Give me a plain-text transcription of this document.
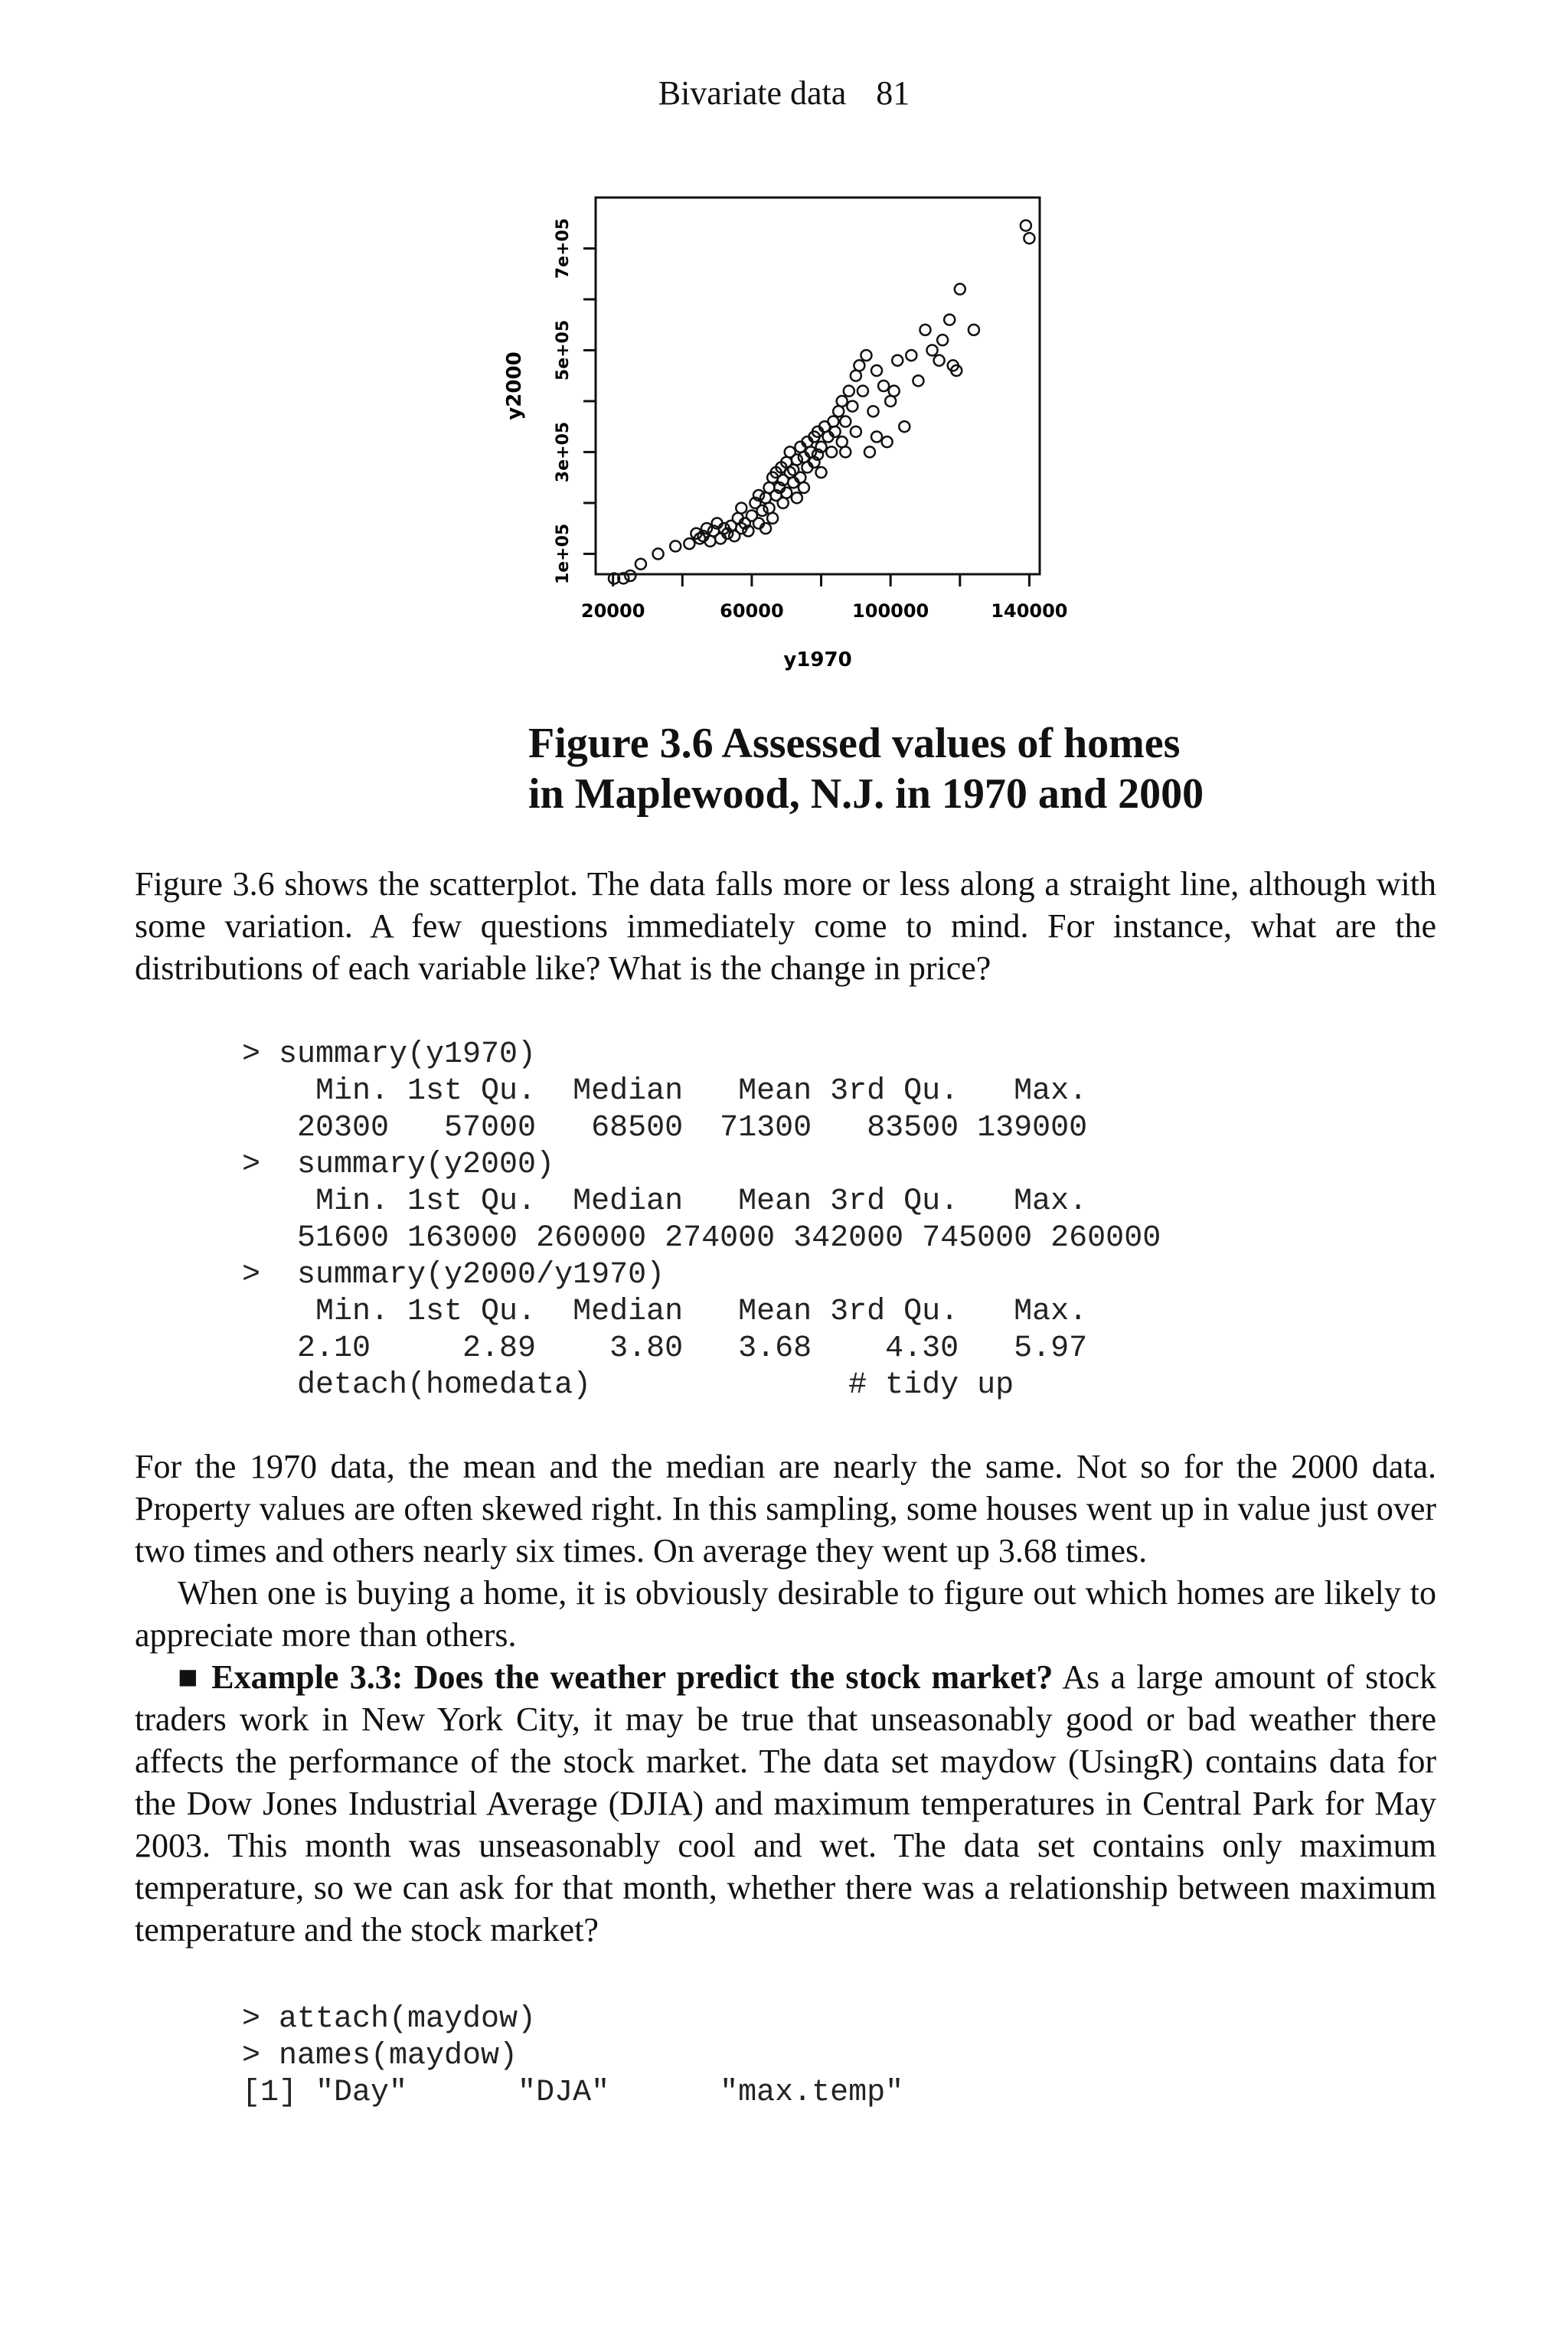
Bivariate data 81
20000	60000	100000	140000
1e+05
3e+05
5e+05
7e+05
y1970
y2000
Figure 3.6 Assessed values of homes
in Maplewood, N.J. in 1970 and 2000

Figure 3.6 shows the scatterplot. The data falls more or less along a straight line, although with some variation. A few questions immediately come to mind. For instance, what are the distributions of each variable like? What is the change in price?

> summary(y1970)
Min. 1st Qu.  Median   Mean 3rd Qu.   Max.
20300   57000   68500  71300   83500 139000
>  summary(y2000)
Min. 1st Qu.  Median   Mean 3rd Qu.   Max.
51600 163000 260000 274000 342000 745000 260000
>  summary(y2000/y1970)
Min. 1st Qu.  Median   Mean 3rd Qu.   Max.
2.10     2.89    3.80   3.68    4.30   5.97
detach(homedata)              # tidy up

For the 1970 data, the mean and the median are nearly the same. Not so for the 2000 data. Property values are often skewed right. In this sampling, some houses went up in value just over two times and others nearly six times. On average they went up 3.68 times.

When one is buying a home, it is obviously desirable to figure out which homes are likely to appreciate more than others.

■ Example 3.3: Does the weather predict the stock market? As a large amount of stock traders work in New York City, it may be true that unseasonably good or bad weather there affects the performance of the stock market. The data set maydow (UsingR) contains data for the Dow Jones Industrial Average (DJIA) and maximum temperatures in Central Park for May 2003. This month was unseasonably cool and wet. The data set contains only maximum temperature, so we can ask for that month, whether there was a relationship between maximum temperature and the stock market?

> attach(maydow)
> names(maydow)
[1] "Day"      "DJA"      "max.temp"
